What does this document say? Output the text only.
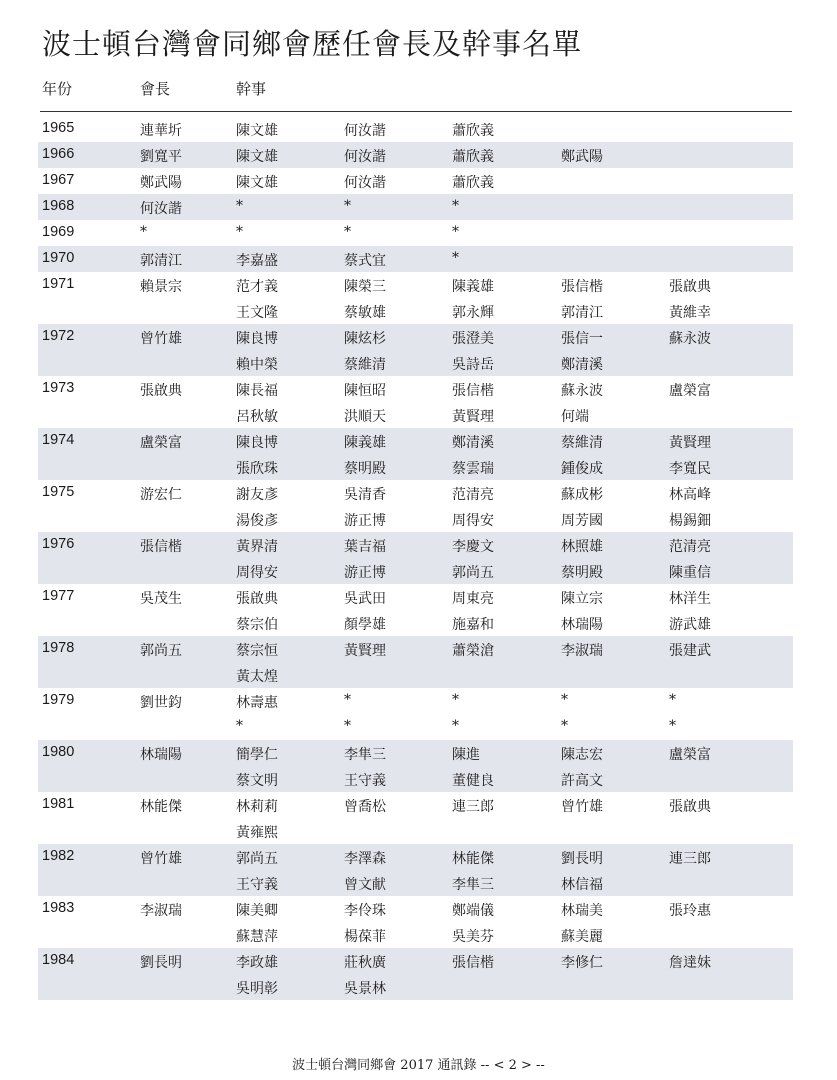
波士頓台灣會同鄉會歷任會長及幹事名單
年份	會長	幹事
1965	連華圻	陳文雄	何汝諧	蕭欣義
1966	劉寬平	陳文雄	何汝諧	蕭欣義	鄭武陽
1967	鄭武陽	陳文雄	何汝諧	蕭欣義
1968	何汝諧	*	*	*
1969	*	*	*	*
1970	郭清江	李嘉盛	蔡式宜	*
1971	賴景宗	范才義	陳榮三	陳義雄	張信楷	張啟典
王文隆	蔡敏雄	郭永輝	郭清江	黃維幸
1972	曾竹雄	陳良博	陳炫杉	張澄美	張信一	蘇永波
賴中榮	蔡維清	吳詩岳	鄭清溪
1973	張啟典	陳長福	陳恒昭	張信楷	蘇永波	盧榮富
呂秋敏	洪順天	黃賢理	何端
1974	盧榮富	陳良博	陳義雄	鄭清溪	蔡維清	黃賢理
張欣珠	蔡明殿	蔡雲瑞	鍾俊成	李寬民
1975	游宏仁	謝友彥	吳清香	范清亮	蘇成彬	林高峰
湯俊彥	游正博	周得安	周芳國	楊錫鈿
1976	張信楷	黃界清	葉吉福	李慶文	林照雄	范清亮
周得安	游正博	郭尚五	蔡明殿	陳重信
1977	吳茂生	張啟典	吳武田	周東亮	陳立宗	林洋生
蔡宗伯	顏學雄	施嘉和	林瑞陽	游武雄
1978	郭尚五	蔡宗恒	黃賢理	蕭榮滄	李淑瑞	張建武
黃太煌
1979	劉世鈞	林壽惠	*	*	*	*
*	*	*	*	*
1980	林瑞陽	簡學仁	李隼三	陳進	陳志宏	盧榮富
蔡文明	王守義	董健良	許高文
1981	林能傑	林莉莉	曾喬松	連三郎	曾竹雄	張啟典
黃雍熙
1982	曾竹雄	郭尚五	李澤森	林能傑	劉長明	連三郎
王守義	曾文献	李隼三	林信福
1983	李淑瑞	陳美卿	李伶珠	鄭端儀	林瑞美	張玲惠
蘇慧萍	楊葆菲	吳美芬	蘇美麗
1984	劉長明	李政雄	莊秋廣	張信楷	李修仁	詹達妹
吳明彰	吳景林
波士頓台灣同鄉會 2017 通訊錄 -- < 2 > --
